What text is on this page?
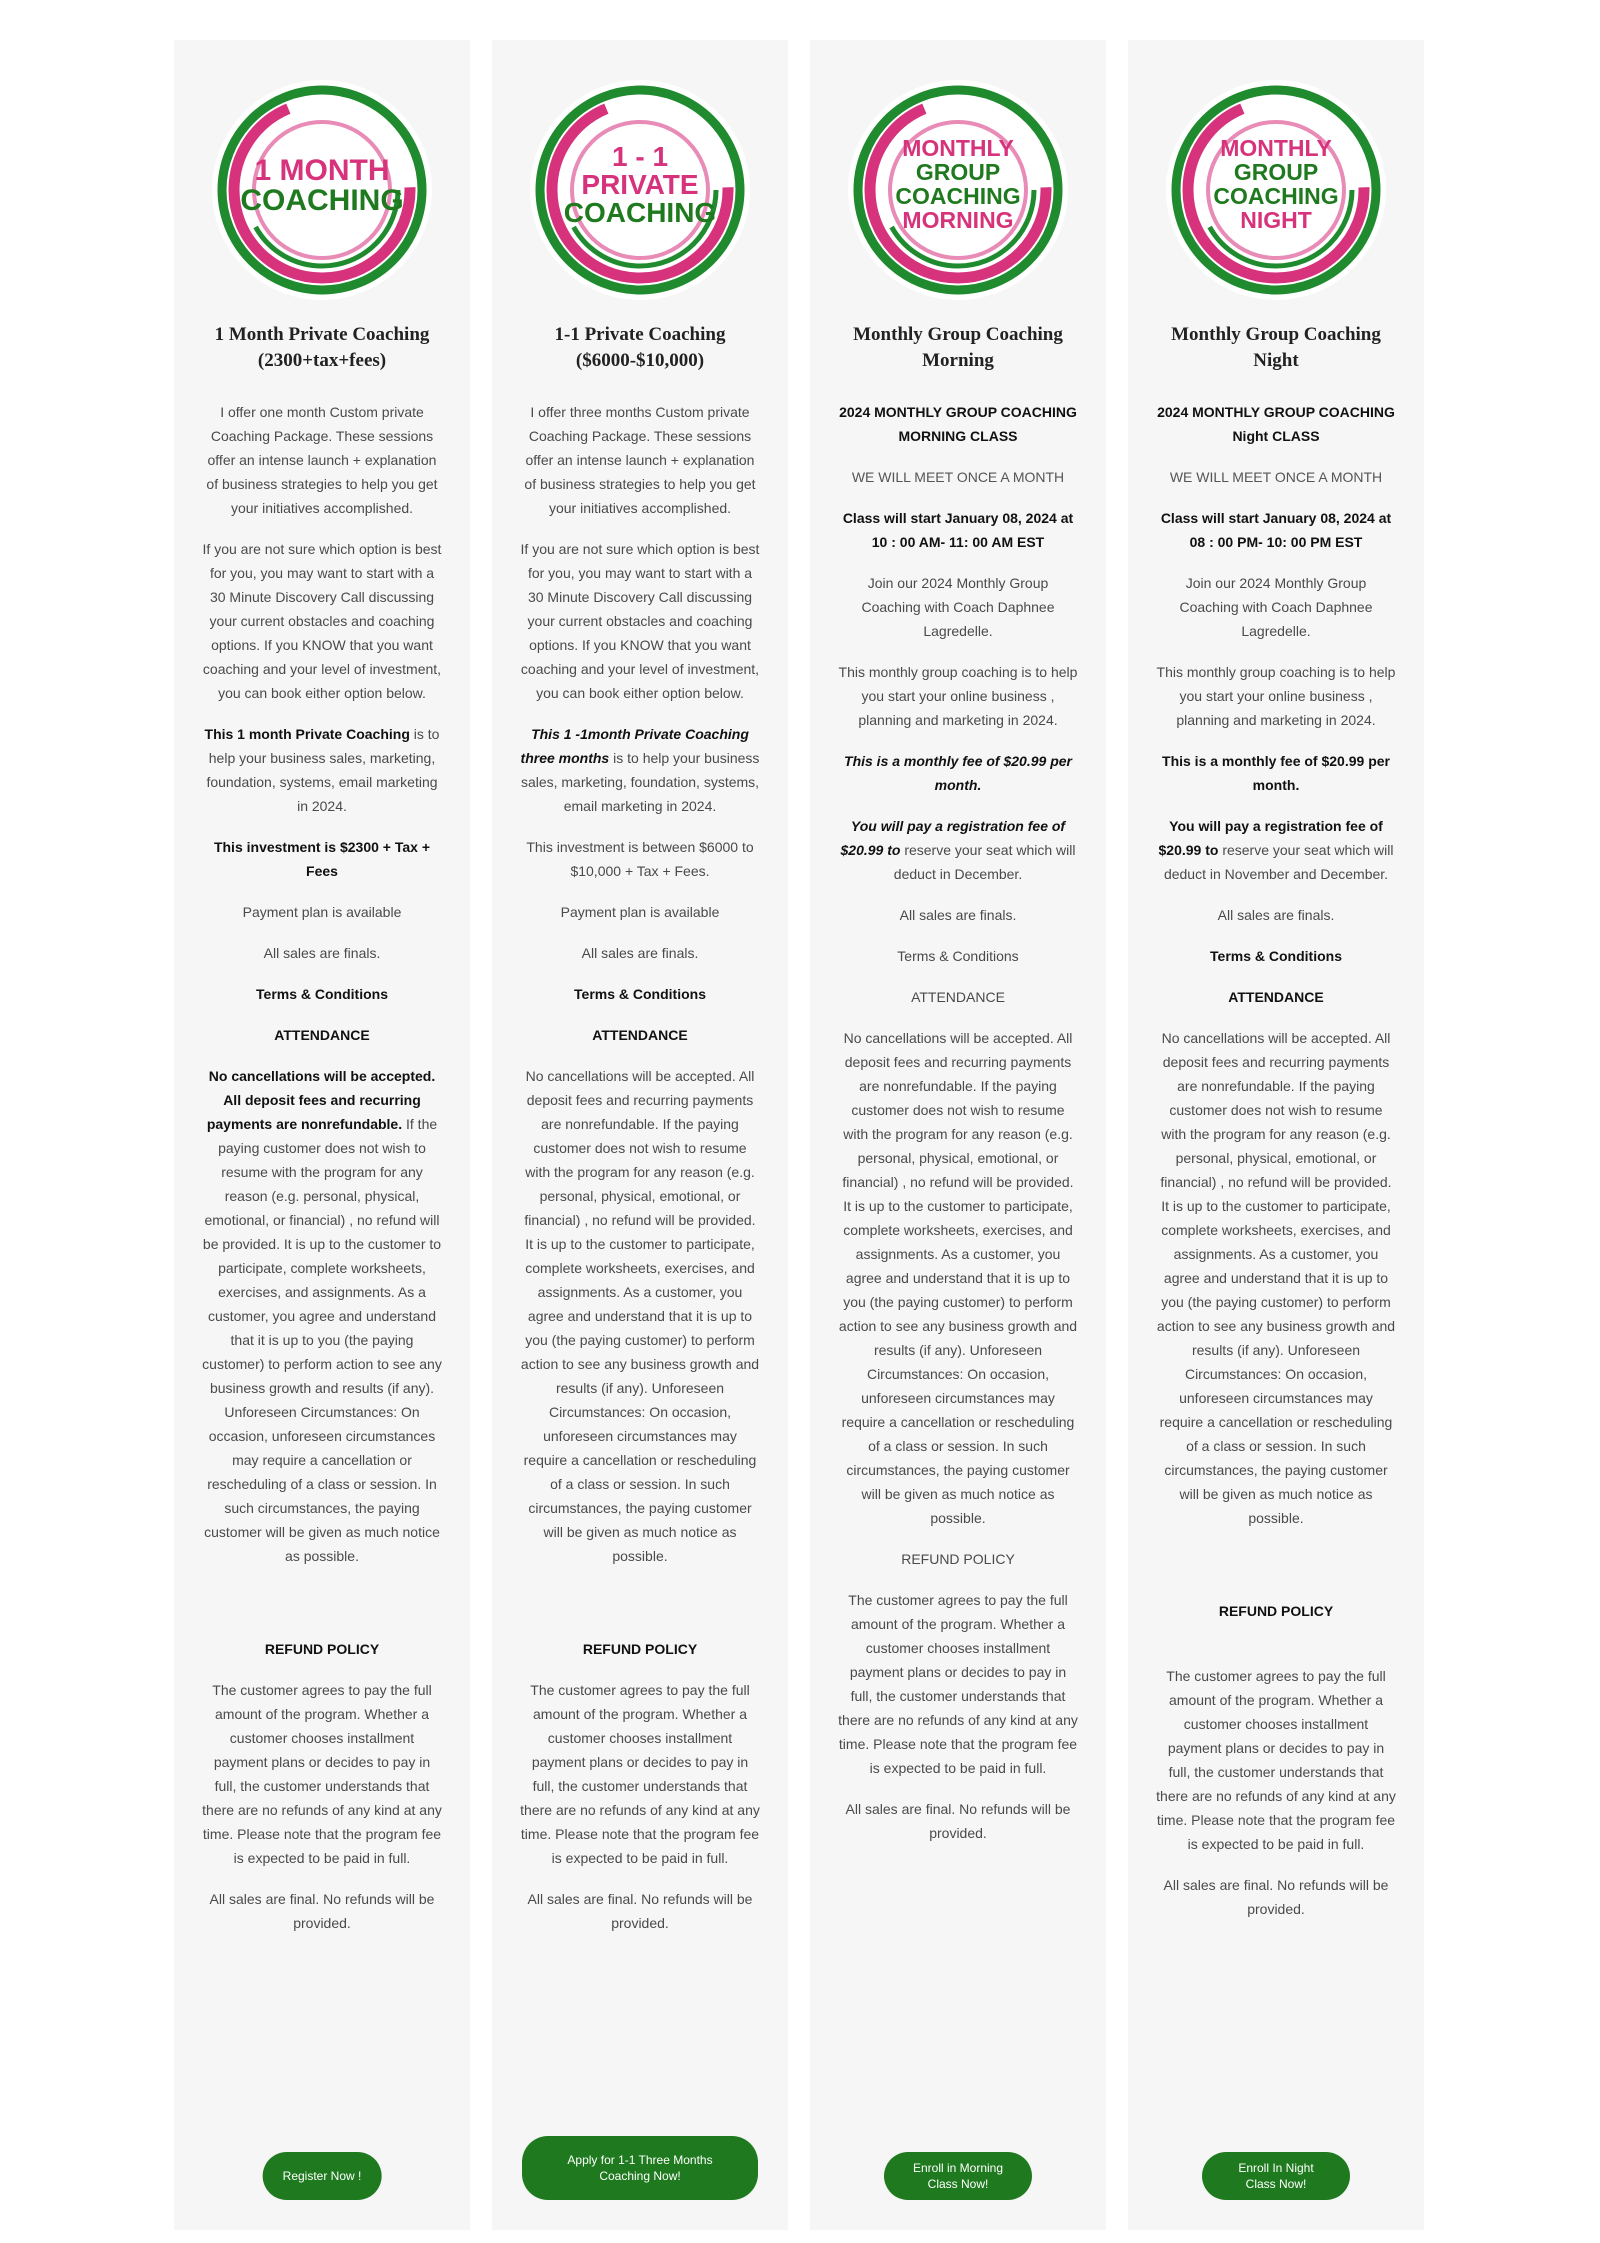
1 MONTH
COACHING
1 Month Private Coaching
(2300+tax+fees)

I offer one month Custom private Coaching Package. These sessions offer an intense launch + explanation of business strategies to help you get your initiatives accomplished.

If you are not sure which option is best for you, you may want to start with a 30 Minute Discovery Call discussing your current obstacles and coaching options. If you KNOW that you want coaching and your level of investment, you can book either option below.

This 1 month Private Coaching is to help your business sales, marketing, foundation, systems, email marketing in 2024.

This investment is $2300 + Tax + Fees

Payment plan is available

All sales are finals.

Terms & Conditions

ATTENDANCE

No cancellations will be accepted. All deposit fees and recurring payments are nonrefundable. If the paying customer does not wish to resume with the program for any reason (e.g. personal, physical, emotional, or financial) , no refund will be provided. It is up to the customer to participate, complete worksheets, exercises, and assignments. As a customer, you agree and understand that it is up to you (the paying customer) to perform action to see any business growth and results (if any). Unforeseen Circumstances: On occasion, unforeseen circumstances may require a cancellation or rescheduling of a class or session. In such circumstances, the paying customer will be given as much notice as possible.

REFUND POLICY

The customer agrees to pay the full amount of the program. Whether a customer chooses installment payment plans or decides to pay in full, the customer understands that there are no refunds of any kind at any time. Please note that the program fee is expected to be paid in full.

All sales are final. No refunds will be provided.

Register Now !
1 - 1
PRIVATE
COACHING
1-1 Private Coaching
($6000-$10,000)

I offer three months Custom private Coaching Package. These sessions offer an intense launch + explanation of business strategies to help you get your initiatives accomplished.

If you are not sure which option is best for you, you may want to start with a 30 Minute Discovery Call discussing your current obstacles and coaching options. If you KNOW that you want coaching and your level of investment, you can book either option below.

This 1 -1month Private Coaching three months is to help your business sales, marketing, foundation, systems, email marketing in 2024.

This investment is between $6000 to $10,000 + Tax + Fees.

Payment plan is available

All sales are finals.

Terms & Conditions

ATTENDANCE

No cancellations will be accepted. All deposit fees and recurring payments are nonrefundable. If the paying customer does not wish to resume with the program for any reason (e.g. personal, physical, emotional, or financial) , no refund will be provided. It is up to the customer to participate, complete worksheets, exercises, and assignments. As a customer, you agree and understand that it is up to you (the paying customer) to perform action to see any business growth and results (if any). Unforeseen Circumstances: On occasion, unforeseen circumstances may require a cancellation or rescheduling of a class or session. In such circumstances, the paying customer will be given as much notice as possible.

REFUND POLICY

The customer agrees to pay the full amount of the program. Whether a customer chooses installment payment plans or decides to pay in full, the customer understands that there are no refunds of any kind at any time. Please note that the program fee is expected to be paid in full.

All sales are final. No refunds will be provided.

Apply for 1-1 Three Months
Coaching Now!
MONTHLY
GROUP
COACHING
MORNING
Monthly Group Coaching
Morning

2024 MONTHLY GROUP COACHING MORNING CLASS

WE WILL MEET ONCE A MONTH

Class will start January 08, 2024 at 10 : 00 AM- 11: 00 AM EST

Join our 2024 Monthly Group Coaching with Coach Daphnee Lagredelle.

This monthly group coaching is to help you start your online business , planning and marketing in 2024.

This is a monthly fee of $20.99 per month.

You will pay a registration fee of $20.99 to reserve your seat which will deduct in December.

All sales are finals.

Terms & Conditions

ATTENDANCE

No cancellations will be accepted. All deposit fees and recurring payments are nonrefundable. If the paying customer does not wish to resume with the program for any reason (e.g. personal, physical, emotional, or financial) , no refund will be provided. It is up to the customer to participate, complete worksheets, exercises, and assignments. As a customer, you agree and understand that it is up to you (the paying customer) to perform action to see any business growth and results (if any). Unforeseen Circumstances: On occasion, unforeseen circumstances may require a cancellation or rescheduling of a class or session. In such circumstances, the paying customer will be given as much notice as possible.

REFUND POLICY

The customer agrees to pay the full amount of the program. Whether a customer chooses installment payment plans or decides to pay in full, the customer understands that there are no refunds of any kind at any time. Please note that the program fee is expected to be paid in full.

All sales are final. No refunds will be provided.

Enroll in Morning Class Now!
MONTHLY
GROUP
COACHING
NIGHT
Monthly Group Coaching
Night

2024 MONTHLY GROUP COACHING Night CLASS

WE WILL MEET ONCE A MONTH

Class will start January 08, 2024 at 08 : 00 PM- 10: 00 PM EST

Join our 2024 Monthly Group Coaching with Coach Daphnee Lagredelle.

This monthly group coaching is to help you start your online business , planning and marketing in 2024.

This is a monthly fee of $20.99 per month.

You will pay a registration fee of $20.99 to reserve your seat which will deduct in November and December.

All sales are finals.

Terms & Conditions

ATTENDANCE

No cancellations will be accepted. All deposit fees and recurring payments are nonrefundable. If the paying customer does not wish to resume with the program for any reason (e.g. personal, physical, emotional, or financial) , no refund will be provided. It is up to the customer to participate, complete worksheets, exercises, and assignments. As a customer, you agree and understand that it is up to you (the paying customer) to perform action to see any business growth and results (if any). Unforeseen Circumstances: On occasion, unforeseen circumstances may require a cancellation or rescheduling of a class or session. In such circumstances, the paying customer will be given as much notice as possible.

REFUND POLICY

The customer agrees to pay the full amount of the program. Whether a customer chooses installment payment plans or decides to pay in full, the customer understands that there are no refunds of any kind at any time. Please note that the program fee is expected to be paid in full.

All sales are final. No refunds will be provided.

Enroll In Night Class Now!
